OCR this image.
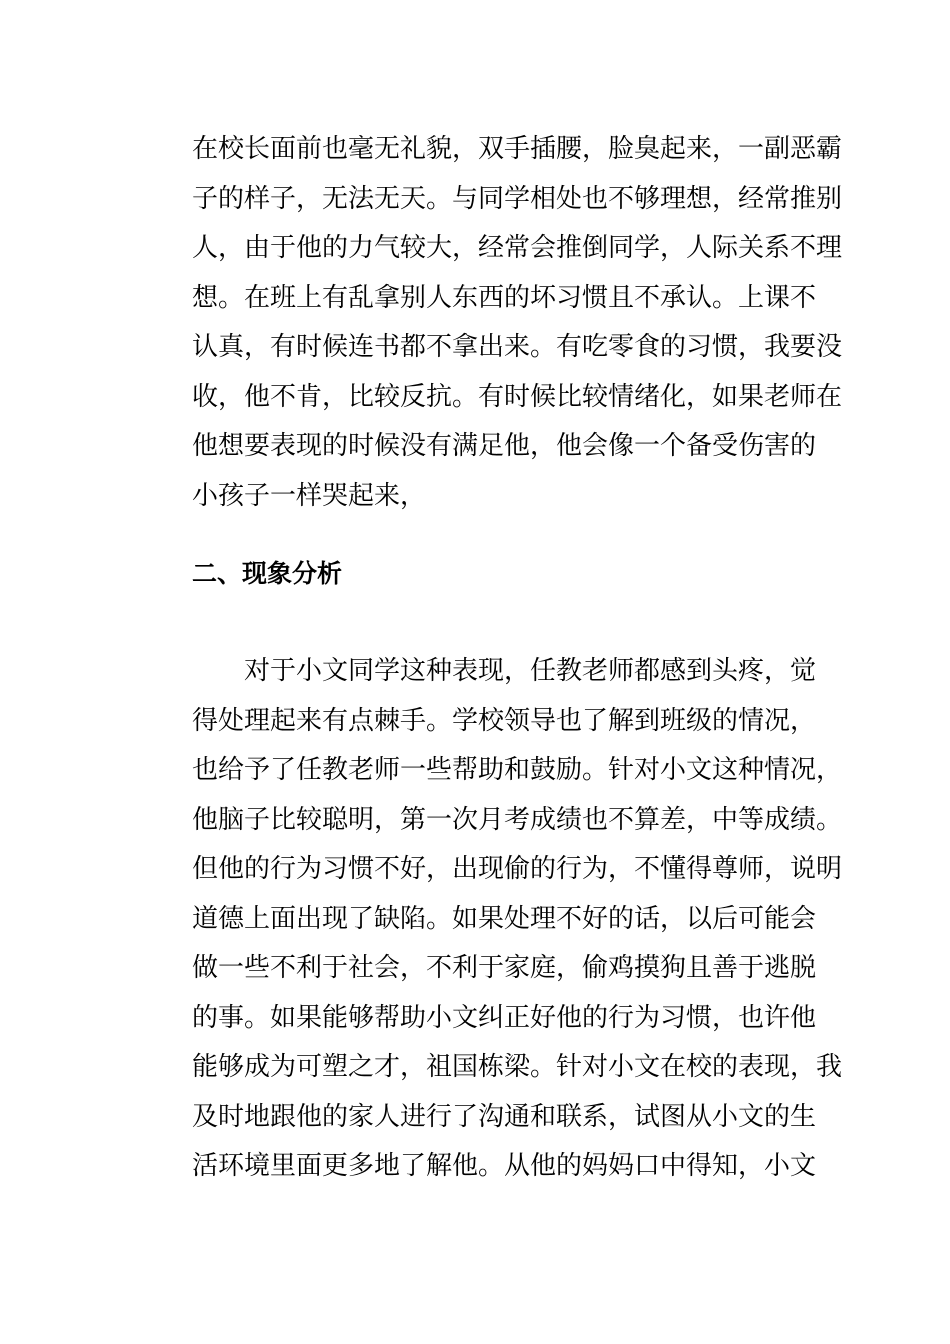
在校长面前也毫无礼貌，双手插腰，脸臭起来，一副恶霸
子的样子，无法无天。与同学相处也不够理想，经常推别
人，由于他的力气较大，经常会推倒同学，人际关系不理
想。在班上有乱拿别人东西的坏习惯且不承认。上课不
认真，有时候连书都不拿出来。有吃零食的习惯，我要没
收，他不肯，比较反抗。有时候比较情绪化，如果老师在
他想要表现的时候没有满足他，他会像一个备受伤害的
小孩子一样哭起来，
二、现象分析
　　对于小文同学这种表现，任教老师都感到头疼，觉
得处理起来有点棘手。学校领导也了解到班级的情况，
也给予了任教老师一些帮助和鼓励。针对小文这种情况，
他脑子比较聪明，第一次月考成绩也不算差，中等成绩。
但他的行为习惯不好，出现偷的行为，不懂得尊师，说明
道德上面出现了缺陷。如果处理不好的话，以后可能会
做一些不利于社会，不利于家庭，偷鸡摸狗且善于逃脱
的事。如果能够帮助小文纠正好他的行为习惯，也许他
能够成为可塑之才，祖国栋梁。针对小文在校的表现，我
及时地跟他的家人进行了沟通和联系，试图从小文的生
活环境里面更多地了解他。从他的妈妈口中得知，小文
